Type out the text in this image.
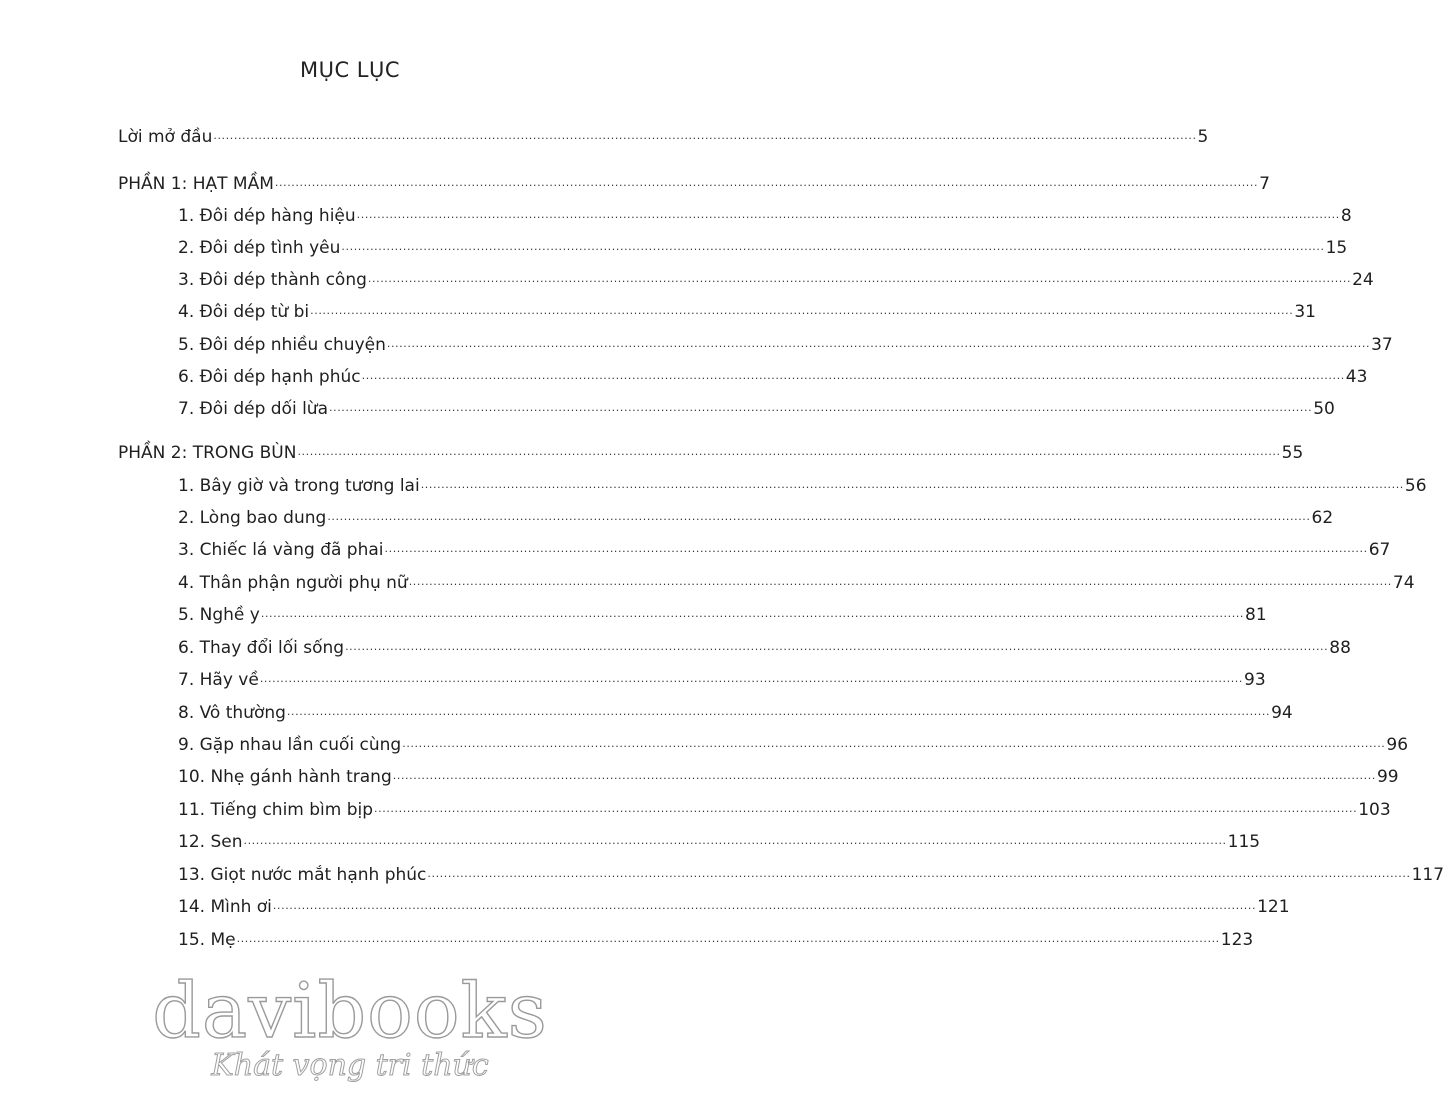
MỤC LỤC
Lời mở đầu ................................................................................................................................................................................................................................................ 5
PHẦN 1: HẠT MẦM ................................................................................................................................................................................................................................................ 7
1. Đôi dép hàng hiệu ................................................................................................................................................................................................................................................ 8
2. Đôi dép tình yêu ................................................................................................................................................................................................................................................ 15
3. Đôi dép thành công ................................................................................................................................................................................................................................................ 24
4. Đôi dép từ bi ................................................................................................................................................................................................................................................ 31
5. Đôi dép nhiều chuyện ................................................................................................................................................................................................................................................ 37
6. Đôi dép hạnh phúc ................................................................................................................................................................................................................................................ 43
7. Đôi dép dối lừa ................................................................................................................................................................................................................................................ 50
PHẦN 2: TRONG BÙN ................................................................................................................................................................................................................................................ 55
1. Bây giờ và trong tương lai ................................................................................................................................................................................................................................................ 56
2. Lòng bao dung ................................................................................................................................................................................................................................................ 62
3. Chiếc lá vàng đã phai ................................................................................................................................................................................................................................................ 67
4. Thân phận người phụ nữ ................................................................................................................................................................................................................................................ 74
5. Nghề y ................................................................................................................................................................................................................................................ 81
6. Thay đổi lối sống ................................................................................................................................................................................................................................................ 88
7. Hãy về ................................................................................................................................................................................................................................................ 93
8. Vô thường ................................................................................................................................................................................................................................................ 94
9. Gặp nhau lần cuối cùng ................................................................................................................................................................................................................................................ 96
10. Nhẹ gánh hành trang ................................................................................................................................................................................................................................................ 99
11. Tiếng chim bìm bịp ................................................................................................................................................................................................................................................ 103
12. Sen ................................................................................................................................................................................................................................................ 115
13. Giọt nước mắt hạnh phúc ................................................................................................................................................................................................................................................ 117
14. Mình ơi ................................................................................................................................................................................................................................................ 121
15. Mẹ ................................................................................................................................................................................................................................................ 123
davibooks
Khát vọng tri thức
